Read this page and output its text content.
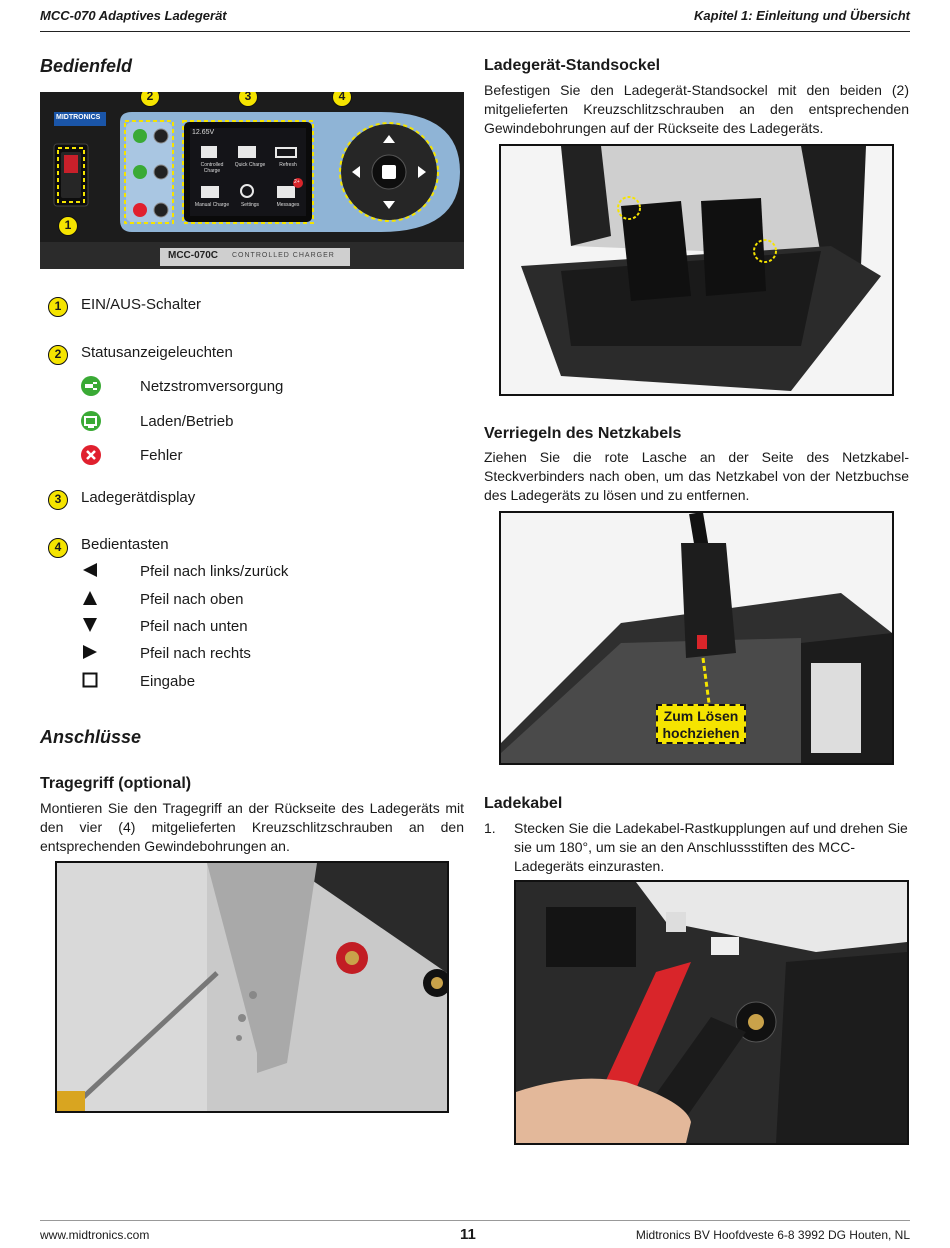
MCC-070 Adaptives Ladegerät	Kapitel 1: Einleitung und Übersicht
Bedienfeld
MIDTRONICS
12.65V
Controlled Charge
Quick Charge	Refresh
Manual Charge	Settings	Messages
2+
MCC-070C CONTROLLED CHARGER
1
2	3	4
1	EIN/AUS-Schalter
2	Statusanzeigeleuchten
Netzstromversorgung
Laden/Betrieb
Fehler
3	Ladegerätdisplay
4	Bedientasten
Pfeil nach links/zurück
Pfeil nach oben
Pfeil nach unten
Pfeil nach rechts
Eingabe
Anschlüsse
Tragegriff (optional)
Montieren Sie den Tragegriff an der Rückseite des Ladegeräts mit den vier (4) mitgelieferten Kreuzschlitzschrauben an den entsprechenden Gewindebohrungen an.
Ladegerät-Standsockel
Befestigen Sie den Ladegerät-Standsockel mit den beiden (2) mitgelieferten Kreuzschlitzschrauben an den entsprechenden Gewindebohrungen auf der Rückseite des Ladegeräts.
Verriegeln des Netzkabels
Ziehen Sie die rote Lasche an der Seite des Netzkabel-Steckverbinders nach oben, um das Netzkabel von der Netzbuchse des Ladegeräts zu lösen und zu entfernen.
Zum Lösen
hochziehen
Ladekabel
1. Stecken Sie die Ladekabel-Rastkupplungen auf und drehen Sie sie um 180°, um sie an den Anschlussstiften des MCC-Ladegeräts einzurasten.
www.midtronics.com	11	Midtronics BV Hoofdveste 6-8 3992 DG Houten, NL
